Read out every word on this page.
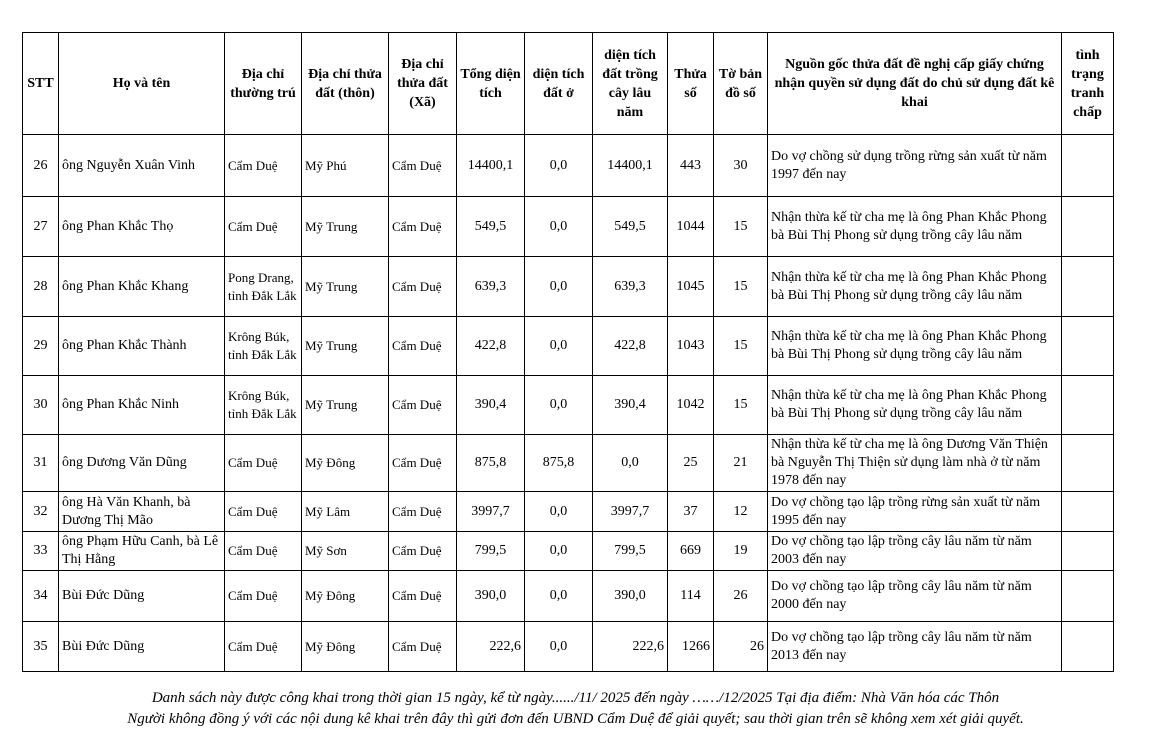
STT	Họ và tên	Địa chỉ thường trú	Địa chỉ thửa đất (thôn)	Địa chỉ thửa đất (Xã)	Tổng diện tích	diện tích đất ở	diện tích đất trồng cây lâu năm	Thửa số	Tờ bản đồ số	Nguồn gốc thửa đất đề nghị cấp giấy chứng nhận quyền sử dụng đất do chủ sử dụng đất kê khai	tình trạng tranh chấp
26	ông Nguyễn Xuân Vinh	Cẩm Duệ	Mỹ Phú	Cẩm Duệ	14400,1	0,0	14400,1	443	30	Do vợ chồng sử dụng trồng rừng sản xuất từ năm 1997 đến nay	
27	ông Phan Khắc Thọ	Cẩm Duệ	Mỹ Trung	Cẩm Duệ	549,5	0,0	549,5	1044	15	Nhận thừa kế từ cha mẹ là ông Phan Khắc Phong bà Bùi Thị Phong sử dụng trồng cây lâu năm	
28	ông Phan Khắc Khang	Pong Drang, tỉnh Đắk Lắk	Mỹ Trung	Cẩm Duệ	639,3	0,0	639,3	1045	15	Nhận thừa kế từ cha mẹ là ông Phan Khắc Phong bà Bùi Thị Phong sử dụng trồng cây lâu năm	
29	ông Phan Khắc Thành	Krông Búk, tỉnh Đắk Lắk	Mỹ Trung	Cẩm Duệ	422,8	0,0	422,8	1043	15	Nhận thừa kế từ cha mẹ là ông Phan Khắc Phong bà Bùi Thị Phong sử dụng trồng cây lâu năm	
30	ông Phan Khắc Ninh	Krông Búk, tỉnh Đắk Lắk	Mỹ Trung	Cẩm Duệ	390,4	0,0	390,4	1042	15	Nhận thừa kế từ cha mẹ là ông Phan Khắc Phong bà Bùi Thị Phong sử dụng trồng cây lâu năm	
31	ông Dương Văn Dũng	Cẩm Duệ	Mỹ Đông	Cẩm Duệ	875,8	875,8	0,0	25	21	Nhận thừa kế từ cha mẹ là ông Dương Văn Thiện bà Nguyễn Thị Thiện sử dụng làm nhà ở từ năm 1978 đến nay	
32	ông Hà Văn Khanh, bà Dương Thị Mão	Cẩm Duệ	Mỹ Lâm	Cẩm Duệ	3997,7	0,0	3997,7	37	12	Do vợ chồng tạo lập trồng rừng sản xuất từ năm 1995 đến nay	
33	ông Phạm Hữu Canh, bà Lê Thị Hằng	Cẩm Duệ	Mỹ Sơn	Cẩm Duệ	799,5	0,0	799,5	669	19	Do vợ chồng tạo lập trồng cây lâu năm từ năm 2003 đến nay	
34	Bùi Đức Dũng	Cẩm Duệ	Mỹ Đông	Cẩm Duệ	390,0	0,0	390,0	114	26	Do vợ chồng tạo lập trồng cây lâu năm từ năm 2000 đến nay	
35	Bùi Đức Dũng	Cẩm Duệ	Mỹ Đông	Cẩm Duệ	222,6	0,0	222,6	1266	26	Do vợ chồng tạo lập trồng cây lâu năm từ năm 2013 đến nay	

Danh sách này được công khai trong thời gian 15 ngày, kể từ ngày....../11/ 2025 đến ngày ……/12/2025 Tại địa điểm: Nhà Văn hóa các Thôn

Người không đồng ý với các nội dung kê khai trên đây thì gửi đơn đến UBND Cẩm Duệ để giải quyết; sau thời gian trên sẽ không xem xét giải quyết.
